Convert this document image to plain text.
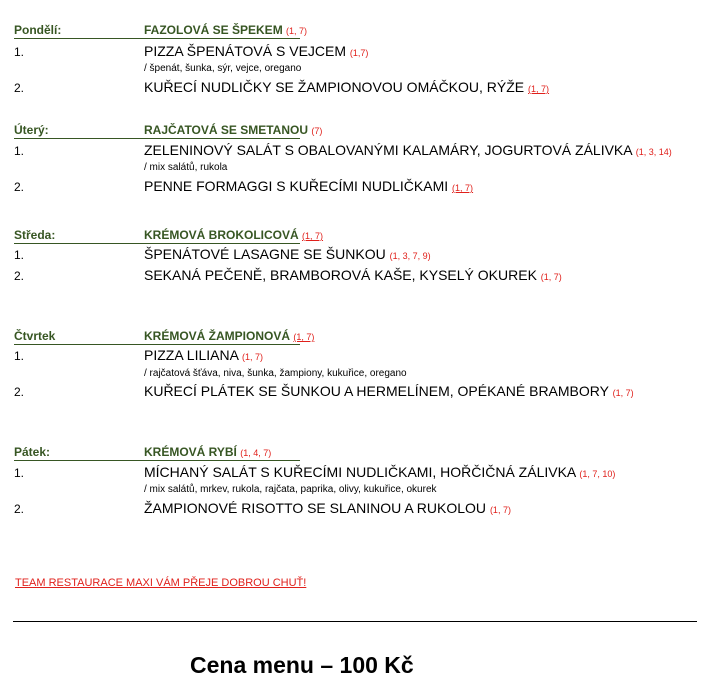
Pondělí:	FAZOLOVÁ SE ŠPEKEM (1, 7)
1.	PIZZA ŠPENÁTOVÁ S VEJCEM (1,7)
/ špenát, šunka, sýr, vejce, oregano
2.	KUŘECÍ NUDLIČKY SE ŽAMPIONOVOU OMÁČKOU, RÝŽE (1, 7)
Úterý:	RAJČATOVÁ SE SMETANOU (7)
1.	ZELENINOVÝ SALÁT S OBALOVANÝMI KALAMÁRY, JOGURTOVÁ ZÁLIVKA (1, 3, 14)
/ mix salátů, rukola
2.	PENNE FORMAGGI S KUŘECÍMI NUDLIČKAMI (1, 7)
Středa:	KRÉMOVÁ BROKOLICOVÁ (1, 7)
1.	ŠPENÁTOVÉ LASAGNE SE ŠUNKOU (1, 3, 7, 9)
2.	SEKANÁ PEČENĚ, BRAMBOROVÁ KAŠE, KYSELÝ OKUREK (1, 7)
Čtvrtek	KRÉMOVÁ ŽAMPIONOVÁ (1, 7)
1.	PIZZA LILIANA (1, 7)
/ rajčatová šťáva, niva, šunka, žampiony, kukuřice, oregano
2.	KUŘECÍ PLÁTEK SE ŠUNKOU A HERMELÍNEM, OPÉKANÉ BRAMBORY (1, 7)
Pátek:	KRÉMOVÁ RYBÍ (1, 4, 7)
1.	MÍCHANÝ SALÁT S KUŘECÍMI NUDLIČKAMI, HOŘČIČNÁ ZÁLIVKA (1, 7, 10)
/ mix salátů, mrkev, rukola, rajčata, paprika, olivy, kukuřice, okurek
2.	ŽAMPIONOVÉ RISOTTO SE SLANINOU A RUKOLOU (1, 7)
TEAM RESTAURACE MAXI VÁM PŘEJE DOBROU CHUŤ!
Cena menu – 100 Kč
